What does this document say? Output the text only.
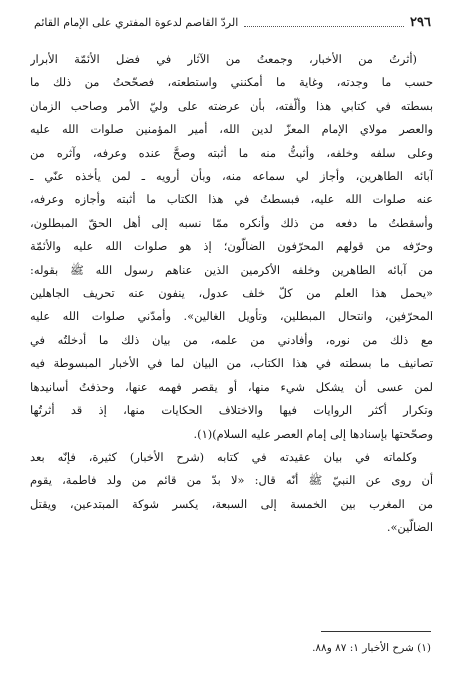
٢٩٦
الردّ القاصم لدعوة المفتري على الإمام القائم

(أثرتُ من الأخبار، وجمعتُ من الآثار في فضل الأئمّة الأبرار
حسب ما وجدته، وغاية ما أمكنني واستطعته، فصحّحتُ من ذلك ما
بسطته في كتابي هذا وألّفته، بأن عرضته على وليّ الأمر وصاحب الزمان
والعصر مولاي الإمام المعزّ لدين الله، أمير المؤمنين صلوات الله عليه
وعلى سلفه وخلفه، وأثبتُّ منه ما أثبته وصحَّ عنده وعرفه، وآثره من
آبائه الطاهرين، وأجاز لي سماعه منه، وبأن أرويه ـ لمن يأخذه عنّي ـ
عنه صلوات الله عليه، فبسطتُ في هذا الكتاب ما أثبته وأجازه وعرفه،
وأسقطتُ ما دفعه من ذلك وأنكره ممّا نسبه إلى أهل الحقّ المبطلون،
وحرّفه من قولهم المحرّفون الضالّون؛ إذ هو صلوات الله عليه والأئمّة
من آبائه الطاهرين وخلفه الأكرمين الذين عناهم رسول الله ﷺ بقوله:
«يحمل هذا العلم من كلّ خلف عدول، ينفون عنه تحريف الجاهلين
المحرّفين، وانتحال المبطلين، وتأويل الغالين». وأمدّني صلوات الله عليه
مع ذلك من نوره، وأفادني من علمه، من بيان ذلك ما أدخلتُه في
تصانيف ما بسطته في هذا الكتاب، من البيان لما في الأخبار المبسوطة فيه
لمن عسى أن يشكل شيء منها، أو يقصر فهمه عنها، وحذفتُ أسانيدها
وتكرار أكثر الروايات فيها والاختلاف الحكايات منها، إذ قد أثرتُها
وصحّحتها بإسنادها إلى إمام العصر عليه السلام)(١).

وكلماته في بيان عقيدته في كتابه (شرح الأخبار) كثيرة، فإنّه بعد
أن روى عن النبيّ ﷺ أنّه قال: «لا بدّ من قائم من ولد فاطمة، يقوم
من المغرب بين الخمسة إلى السبعة، يكسر شوكة المبتدعين، ويقتل
الضالّين».

(١) شرح الأخبار ١: ٨٧ و٨٨.
